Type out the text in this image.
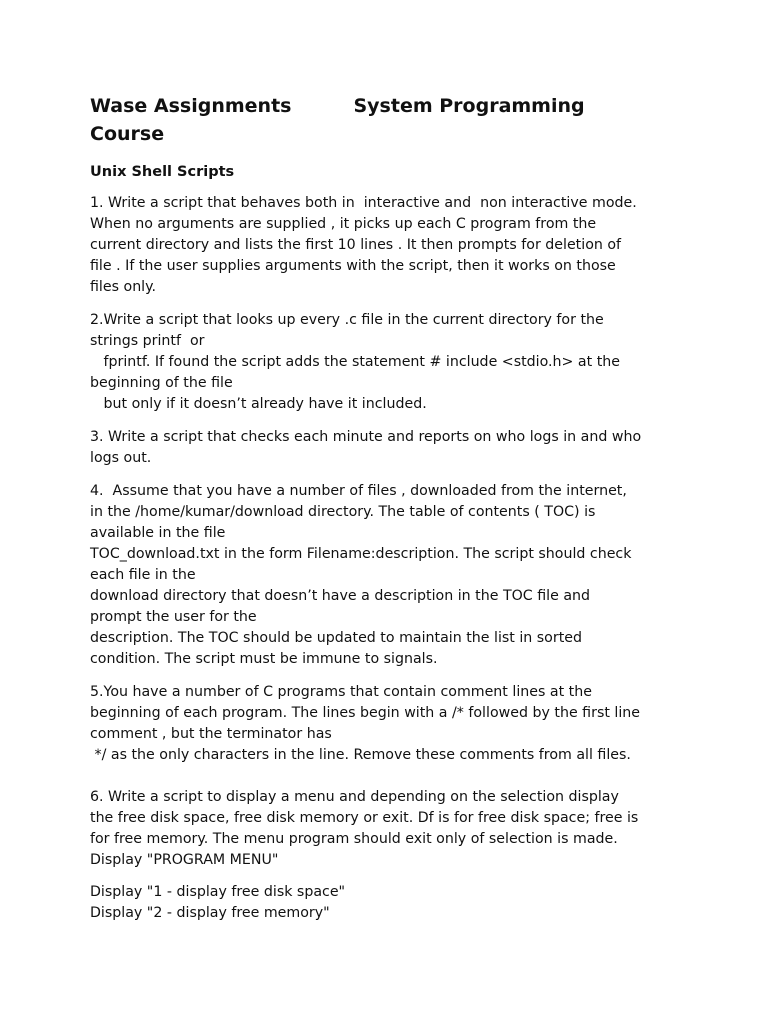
Wase Assignments	System Programming
Course
Unix Shell Scripts
1. Write a script that behaves both in  interactive and  non interactive mode.
When no arguments are supplied , it picks up each C program from the
current directory and lists the first 10 lines . It then prompts for deletion of
file . If the user supplies arguments with the script, then it works on those
files only.
2.Write a script that looks up every .c file in the current directory for the
strings printf  or
fprintf. If found the script adds the statement # include <stdio.h> at the
beginning of the file
but only if it doesn’t already have it included.
3. Write a script that checks each minute and reports on who logs in and who
logs out.
4.  Assume that you have a number of files , downloaded from the internet,
in the /home/kumar/download directory. The table of contents ( TOC) is
available in the file
TOC_download.txt in the form Filename:description. The script should check
each file in the
download directory that doesn’t have a description in the TOC file and
prompt the user for the
description. The TOC should be updated to maintain the list in sorted
condition. The script must be immune to signals.
5.You have a number of C programs that contain comment lines at the
beginning of each program. The lines begin with a /* followed by the first line
comment , but the terminator has
*/ as the only characters in the line. Remove these comments from all files.
6. Write a script to display a menu and depending on the selection display
the free disk space, free disk memory or exit. Df is for free disk space; free is
for free memory. The menu program should exit only of selection is made.
Display "PROGRAM MENU"
Display "1 - display free disk space"
Display "2 - display free memory"
